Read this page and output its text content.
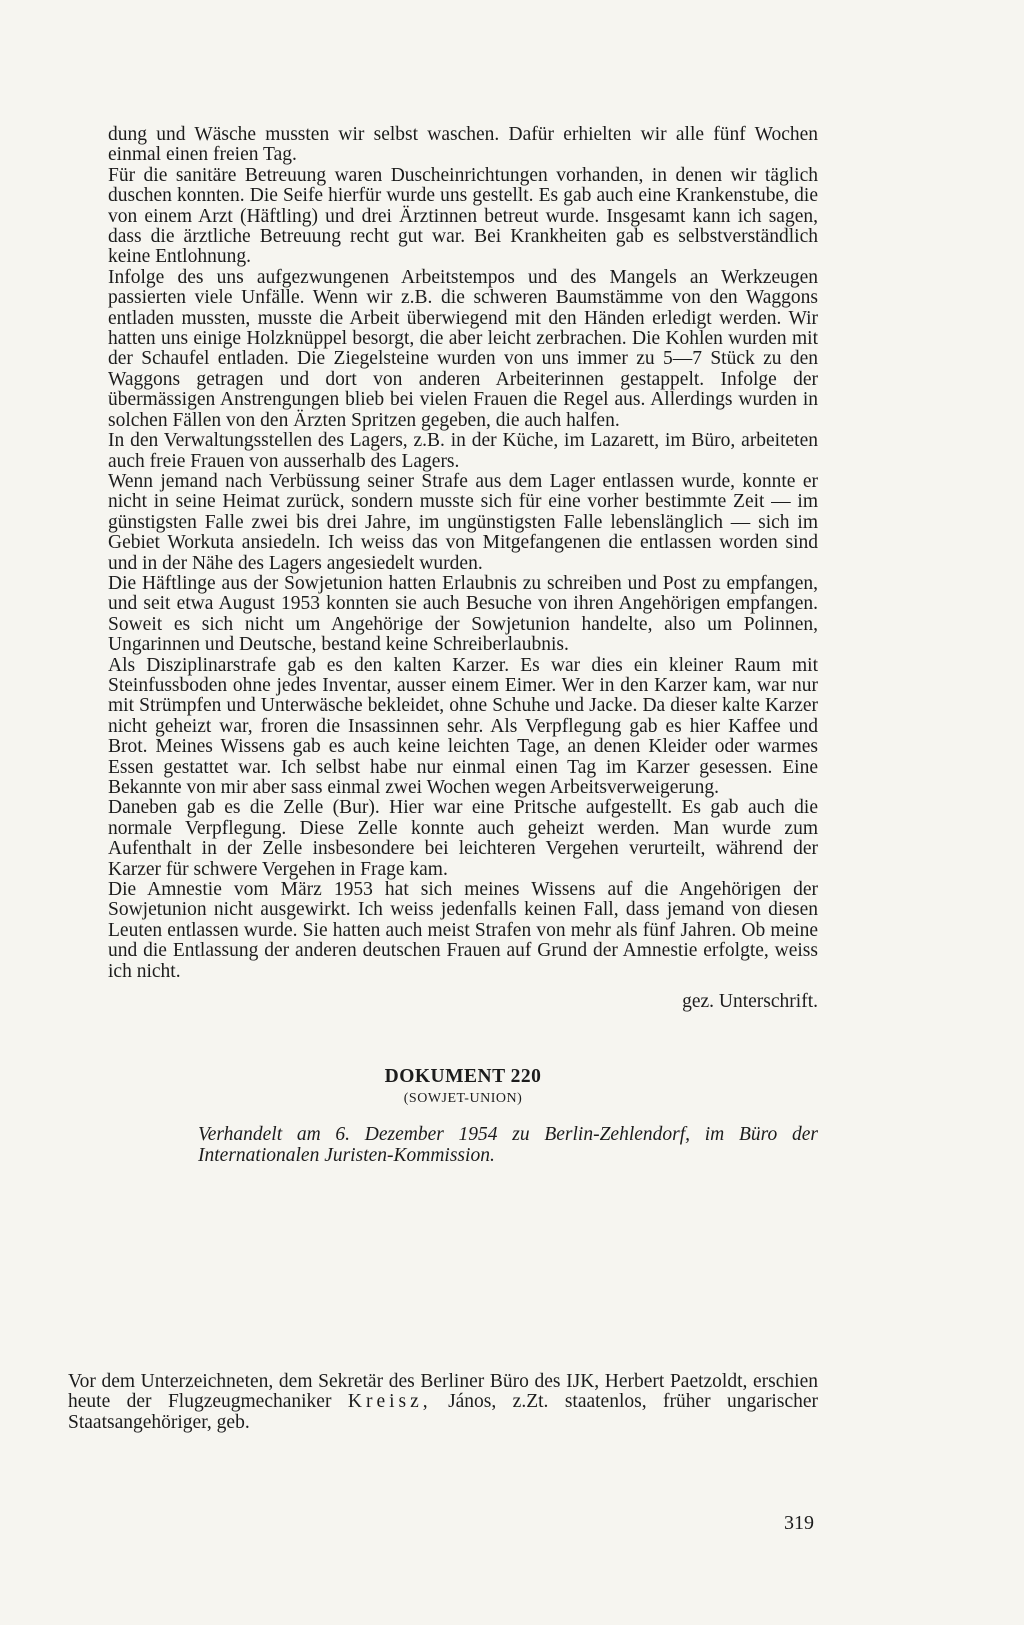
dung und Wäsche mussten wir selbst waschen. Dafür erhielten wir alle fünf Wochen einmal einen freien Tag.

Für die sanitäre Betreuung waren Duscheinrichtungen vorhanden, in denen wir täglich duschen konnten. Die Seife hierfür wurde uns gestellt. Es gab auch eine Krankenstube, die von einem Arzt (Häftling) und drei Ärztinnen betreut wurde. Insgesamt kann ich sagen, dass die ärztliche Betreuung recht gut war. Bei Krankheiten gab es selbstverständlich keine Entlohnung.

Infolge des uns aufgezwungenen Arbeitstempos und des Mangels an Werkzeugen passierten viele Unfälle. Wenn wir z.B. die schweren Baumstämme von den Waggons entladen mussten, musste die Arbeit überwiegend mit den Händen erledigt werden. Wir hatten uns einige Holzknüppel besorgt, die aber leicht zerbrachen. Die Kohlen wurden mit der Schaufel entladen. Die Ziegelsteine wurden von uns immer zu 5—7 Stück zu den Waggons getragen und dort von anderen Arbeiterinnen gestappelt. Infolge der übermässigen Anstrengungen blieb bei vielen Frauen die Regel aus. Allerdings wurden in solchen Fällen von den Ärzten Spritzen gegeben, die auch halfen.

In den Verwaltungsstellen des Lagers, z.B. in der Küche, im Lazarett, im Büro, arbeiteten auch freie Frauen von ausserhalb des Lagers.

Wenn jemand nach Verbüssung seiner Strafe aus dem Lager entlassen wurde, konnte er nicht in seine Heimat zurück, sondern musste sich für eine vorher bestimmte Zeit — im günstigsten Falle zwei bis drei Jahre, im ungünstigsten Falle lebenslänglich — sich im Gebiet Workuta ansiedeln. Ich weiss das von Mitgefangenen die entlassen worden sind und in der Nähe des Lagers angesiedelt wurden.

Die Häftlinge aus der Sowjetunion hatten Erlaubnis zu schreiben und Post zu empfangen, und seit etwa August 1953 konnten sie auch Besuche von ihren Angehörigen empfangen. Soweit es sich nicht um Angehörige der Sowjetunion handelte, also um Polinnen, Ungarinnen und Deutsche, bestand keine Schreiberlaubnis.

Als Disziplinarstrafe gab es den kalten Karzer. Es war dies ein kleiner Raum mit Steinfussboden ohne jedes Inventar, ausser einem Eimer. Wer in den Karzer kam, war nur mit Strümpfen und Unterwäsche bekleidet, ohne Schuhe und Jacke. Da dieser kalte Karzer nicht geheizt war, froren die Insassinnen sehr. Als Verpflegung gab es hier Kaffee und Brot. Meines Wissens gab es auch keine leichten Tage, an denen Kleider oder warmes Essen gestattet war. Ich selbst habe nur einmal einen Tag im Karzer gesessen. Eine Bekannte von mir aber sass einmal zwei Wochen wegen Arbeitsverweigerung.

Daneben gab es die Zelle (Bur). Hier war eine Pritsche aufgestellt. Es gab auch die normale Verpflegung. Diese Zelle konnte auch geheizt werden. Man wurde zum Aufenthalt in der Zelle insbesondere bei leichteren Vergehen verurteilt, während der Karzer für schwere Vergehen in Frage kam.

Die Amnestie vom März 1953 hat sich meines Wissens auf die Angehörigen der Sowjetunion nicht ausgewirkt. Ich weiss jedenfalls keinen Fall, dass jemand von diesen Leuten entlassen wurde. Sie hatten auch meist Strafen von mehr als fünf Jahren. Ob meine und die Entlassung der anderen deutschen Frauen auf Grund der Amnestie erfolgte, weiss ich nicht.

gez. Unterschrift.

DOKUMENT 220
(SOWJET-UNION)

Verhandelt am 6. Dezember 1954 zu Berlin-Zehlendorf, im Büro der Internationalen Juristen-Kommission.

Vor dem Unterzeichneten, dem Sekretär des Berliner Büro des IJK, Herbert Paetzoldt, erschien heute der Flugzeugmechaniker Kreisz, János, z.Zt. staatenlos, früher ungarischer Staatsangehöriger, geb.

319
